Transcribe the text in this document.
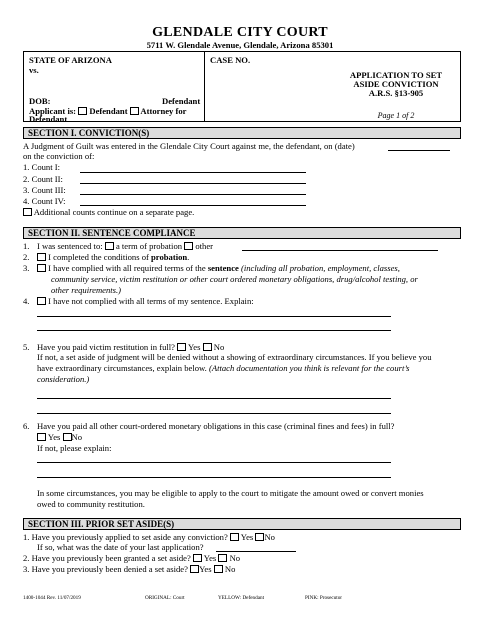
GLENDALE CITY COURT
5711 W. Glendale Avenue, Glendale, Arizona 85301
STATE OF ARIZONA
vs.
DOB:	Defendant
Applicant is: Defendant Attorney for
Defendant
CASE NO.
APPLICATION TO SET
ASIDE CONVICTION
A.R.S. §13-905
Page 1 of 2
SECTION I. CONVICTION(S)
A Judgment of Guilt was entered in the Glendale City Court against me, the defendant, on (date)
on the conviction of:
1. Count I:
2. Count II:
3. Count III:
4. Count IV:
Additional counts continue on a separate page.
SECTION II. SENTENCE COMPLIANCE
1. I was sentenced to: a term of probation other
2.	I completed the conditions of probation.
3.	I have complied with all required terms of the sentence (including all probation, employment, classes,
community service, victim restitution or other court ordered monetary obligations, drug/alcohol testing, or
other requirements.)
4.	I have not complied with all terms of my sentence. Explain:
5. Have you paid victim restitution in full? Yes No
If not, a set aside of judgment will be denied without a showing of extraordinary circumstances. If you believe you
have extraordinary circumstances, explain below. (Attach documentation you think is relevant for the court’s
consideration.)
6. Have you paid all other court-ordered monetary obligations in this case (criminal fines and fees) in full?
Yes No
If not, please explain:
In some circumstances, you may be eligible to apply to the court to mitigate the amount owed or convert monies
owed to community restitution.
SECTION III. PRIOR SET ASIDE(S)
1. Have you previously applied to set aside any conviction? Yes No
If so, what was the date of your last application?
2. Have you previously been granted a set aside? Yes No
3. Have you previously been denied a set aside? Yes No
1400-1044 Rev. 11/07/2019	ORIGINAL: Court	YELLOW: Defendant	PINK: Prosecutor
